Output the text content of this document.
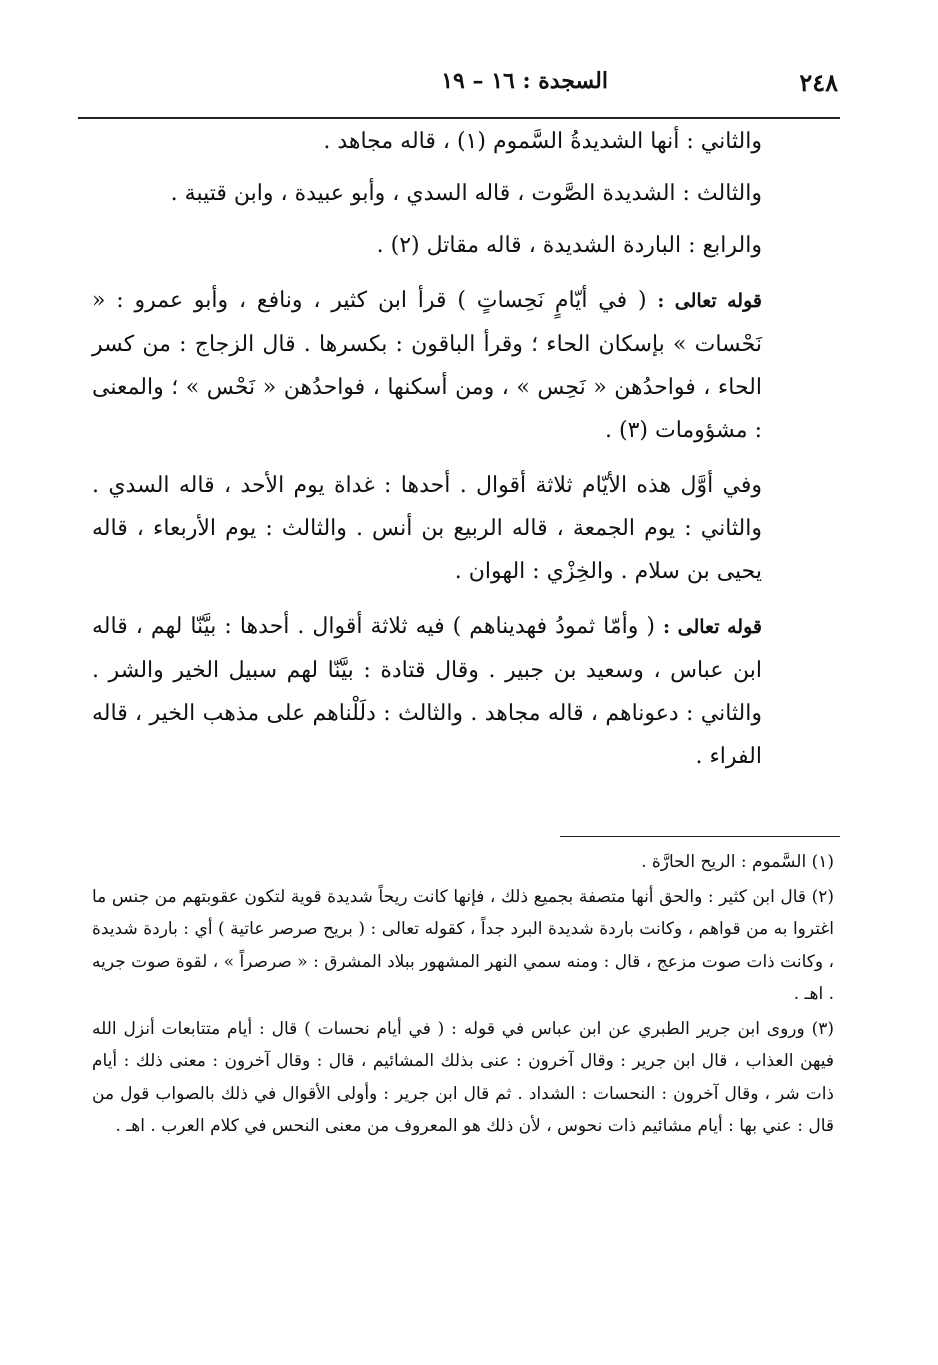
٢٤٨
السجدة : ١٦ – ١٩

والثاني : أنها الشديدةُ السَّموم (١) ، قاله مجاهد .

والثالث : الشديدة الصَّوت ، قاله السدي ، وأبو عبيدة ، وابن قتيبة .

والرابع : الباردة الشديدة ، قاله مقاتل (٢) .

قوله تعالى : ( في أيّامٍ نَحِساتٍ ) قرأ ابن كثير ، ونافع ، وأبو عمرو : « نَحْسات » بإسكان الحاء ؛ وقرأ الباقون : بكسرها . قال الزجاج : من كسر الحاء ، فواحدُهن « نَحِس » ، ومن أسكنها ، فواحدُهن « نَحْس » ؛ والمعنى : مشؤومات (٣) .

وفي أوَّل هذه الأيّام ثلاثة أقوال . أحدها : غداة يوم الأحد ، قاله السدي . والثاني : يوم الجمعة ، قاله الربيع بن أنس . والثالث : يوم الأربعاء ، قاله يحيى بن سلام . والخِزْي : الهوان .

قوله تعالى : ( وأمّا ثمودُ فهديناهم ) فيه ثلاثة أقوال . أحدها : بيَّنّا لهم ، قاله ابن عباس ، وسعيد بن جبير . وقال قتادة : بيَّنّا لهم سبيل الخير والشر . والثاني : دعوناهم ، قاله مجاهد . والثالث : دلَلْناهم على مذهب الخير ، قاله الفراء .

(١) السَّموم : الريح الحارَّة .

(٢) قال ابن كثير : والحق أنها متصفة بجميع ذلك ، فإنها كانت ريحاً شديدة قوية لتكون عقوبتهم من جنس ما اغتروا به من قواهم ، وكانت باردة شديدة البرد جداً ، كقوله تعالى : ( بريح صرصر عاتية ) أي : باردة شديدة ، وكانت ذات صوت مزعج ، قال : ومنه سمي النهر المشهور ببلاد المشرق : « صرصراً » ، لقوة صوت جريه . اهـ .

(٣) وروى ابن جرير الطبري عن ابن عباس في قوله : ( في أيام نحسات ) قال : أيام متتابعات أنزل الله فيهن العذاب ، قال ابن جرير : وقال آخرون : عنى بذلك المشائيم ، قال : وقال آخرون : معنى ذلك : أيام ذات شر ، وقال آخرون : النحسات : الشداد . ثم قال ابن جرير : وأولى الأقوال في ذلك بالصواب قول من قال : عني بها : أيام مشائيم ذات نحوس ، لأن ذلك هو المعروف من معنى النحس في كلام العرب . اهـ .
